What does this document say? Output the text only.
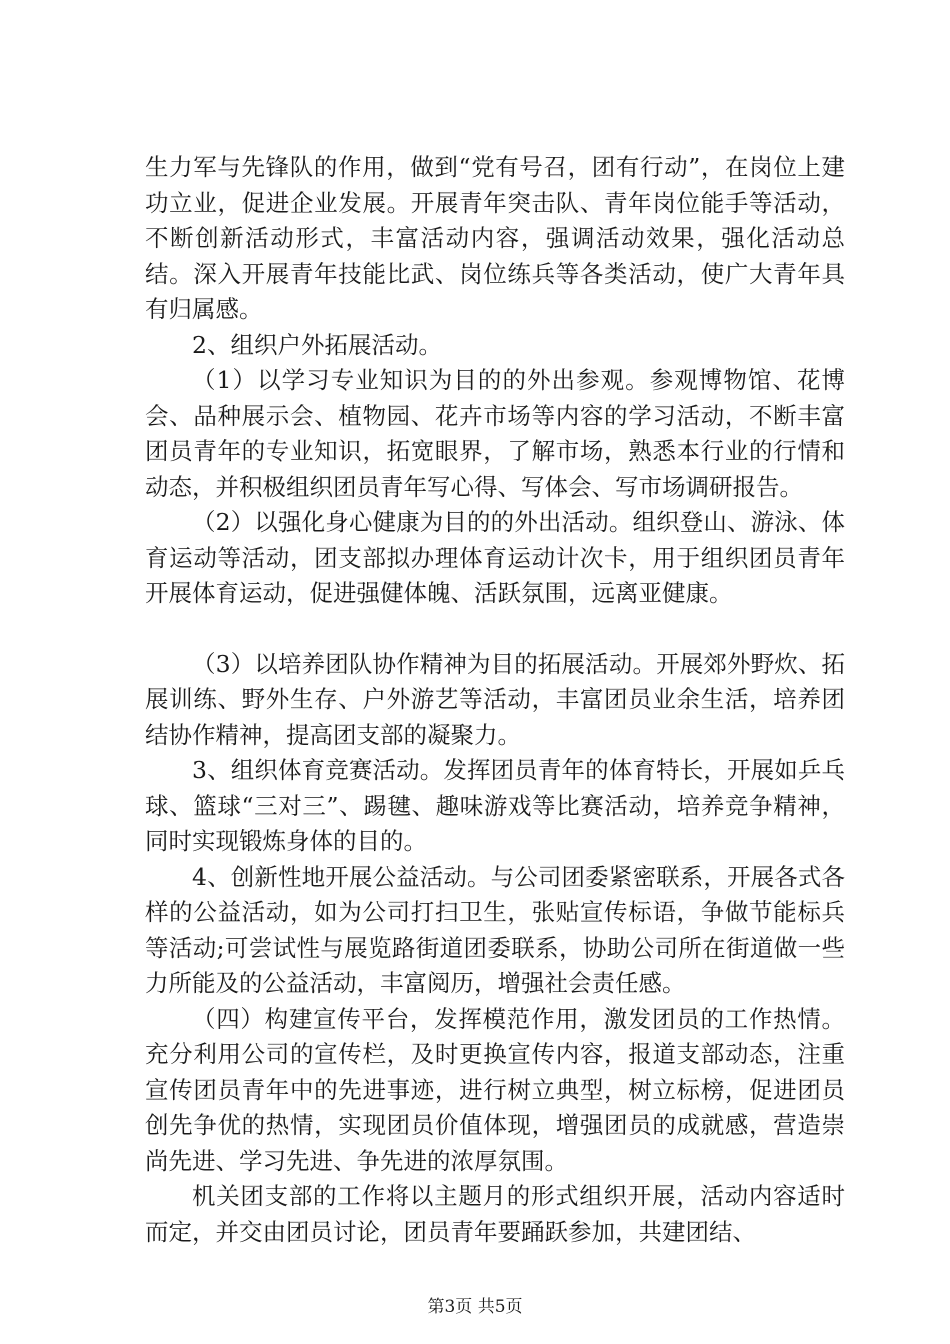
生力军与先锋队的作用，做到“党有号召，团有行动”，在岗位上建功立业，促进企业发展。开展青年突击队、青年岗位能手等活动，不断创新活动形式，丰富活动内容，强调活动效果，强化活动总结。深入开展青年技能比武、岗位练兵等各类活动，使广大青年具有归属感。

2、组织户外拓展活动。

（1）以学习专业知识为目的的外出参观。参观博物馆、花博会、品种展示会、植物园、花卉市场等内容的学习活动，不断丰富团员青年的专业知识，拓宽眼界，了解市场，熟悉本行业的行情和动态，并积极组织团员青年写心得、写体会、写市场调研报告。

（2）以强化身心健康为目的的外出活动。组织登山、游泳、体育运动等活动，团支部拟办理体育运动计次卡，用于组织团员青年开展体育运动，促进强健体魄、活跃氛围，远离亚健康。

（3）以培养团队协作精神为目的拓展活动。开展郊外野炊、拓展训练、野外生存、户外游艺等活动，丰富团员业余生活，培养团结协作精神，提高团支部的凝聚力。

3、组织体育竞赛活动。发挥团员青年的体育特长，开展如乒乓球、篮球“三对三”、踢毽、趣味游戏等比赛活动，培养竞争精神，同时实现锻炼身体的目的。

4、创新性地开展公益活动。与公司团委紧密联系，开展各式各样的公益活动，如为公司打扫卫生，张贴宣传标语，争做节能标兵等活动;可尝试性与展览路街道团委联系，协助公司所在街道做一些力所能及的公益活动，丰富阅历，增强社会责任感。

（四）构建宣传平台，发挥模范作用，激发团员的工作热情。充分利用公司的宣传栏，及时更换宣传内容，报道支部动态，注重宣传团员青年中的先进事迹，进行树立典型，树立标榜，促进团员创先争优的热情，实现团员价值体现，增强团员的成就感，营造崇尚先进、学习先进、争先进的浓厚氛围。

机关团支部的工作将以主题月的形式组织开展，活动内容适时而定，并交由团员讨论，团员青年要踊跃参加，共建团结、

第3页 共5页
